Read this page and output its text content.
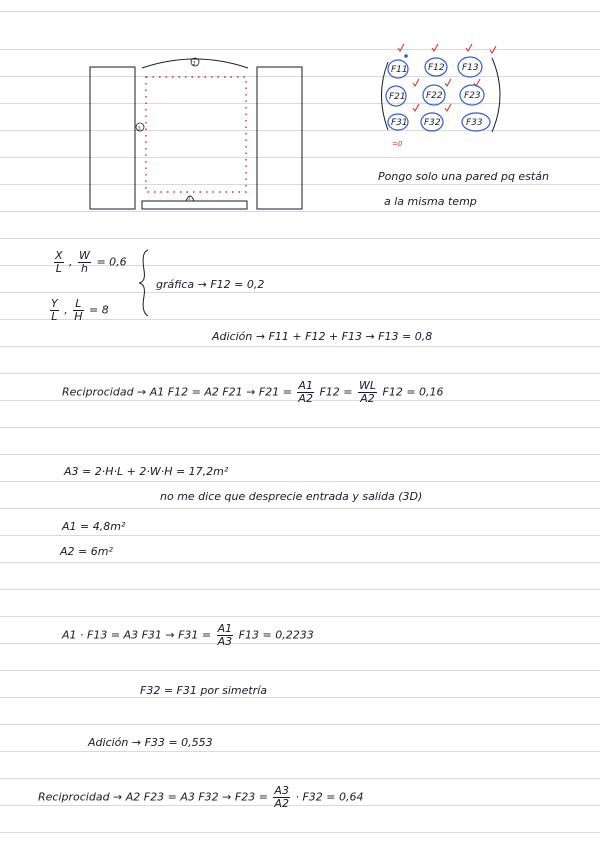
2
3
1
F11 F12 F13
F21 F22 F23
F31 F32	F33
=0
Pongo solo una pared pq están
a la misma temp
$\frac{X}{L}$ , $\frac{W}{h} = 0,6$
gráfica → F12 = 0,2
$\frac{Y}{L}$ , $\frac{L}{H} = 8$
Adición → F11 + F12 + F13 → F13 = 0,8
Reciprocidad → A1 F12 = A2 $F21 \to F21 = \frac{A1}{A2} F12 = \frac{WL}{A2} F12 = 0,16$
A3 = 2·H·L + 2·W·H = 17,2m²
no me dice que desprecie entrada y salida (3D)
A1 = 4,8m²
A2 = 6m²
A1 · F13 = A3 $F31 \to F31 = \frac{A1}{A3} F13 = 0,2233$
F32 = F31 por simetría
Adición → F33 = 0,553
Reciprocidad → A2 F23 = A3 $F32 \to F23 = \frac{A3}{A2} \cdot F32 = 0,64$
